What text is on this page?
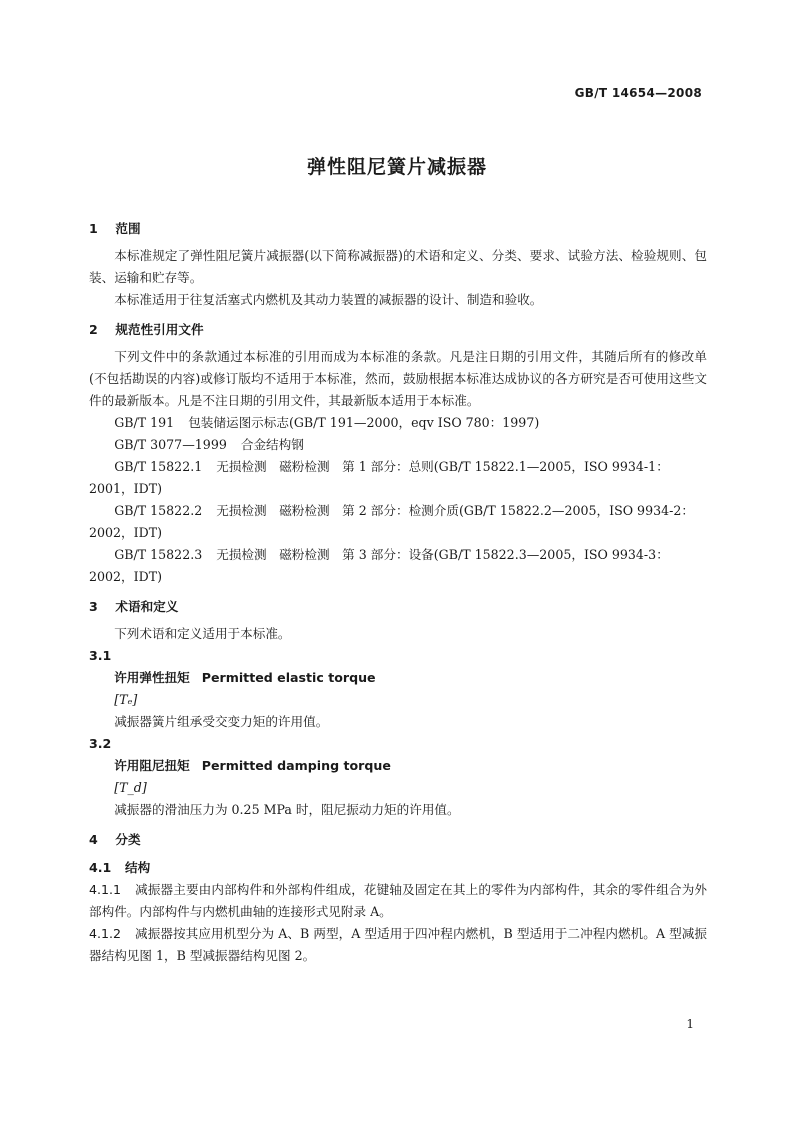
GB/T 14654—2008
弹性阻尼簧片减振器
1 范围

本标准规定了弹性阻尼簧片减振器(以下简称减振器)的术语和定义、分类、要求、试验方法、检验规则、包装、运输和贮存等。

本标准适用于往复活塞式内燃机及其动力装置的减振器的设计、制造和验收。

2 规范性引用文件

下列文件中的条款通过本标准的引用而成为本标准的条款。凡是注日期的引用文件，其随后所有的修改单(不包括勘误的内容)或修订版均不适用于本标准，然而，鼓励根据本标准达成协议的各方研究是否可使用这些文件的最新版本。凡是不注日期的引用文件，其最新版本适用于本标准。

GB/T 191 包装储运图示标志(GB/T 191—2000，eqv ISO 780：1997)

GB/T 3077—1999 合金结构钢

GB/T 15822.1 无损检测　磁粉检测　第 1 部分：总则(GB/T 15822.1—2005，ISO 9934-1：2001，IDT)

GB/T 15822.2 无损检测　磁粉检测　第 2 部分：检测介质(GB/T 15822.2—2005，ISO 9934-2：2002，IDT)

GB/T 15822.3 无损检测　磁粉检测　第 3 部分：设备(GB/T 15822.3—2005，ISO 9934-3：2002，IDT)

3 术语和定义

下列术语和定义适用于本标准。

3.1

许用弹性扭矩 Permitted elastic torque

[Tₑ]

减振器簧片组承受交变力矩的许用值。

3.2

许用阻尼扭矩 Permitted damping torque

[T_d]

减振器的滑油压力为 0.25 MPa 时，阻尼振动力矩的许用值。

4 分类

4.1 结构

4.1.1 减振器主要由内部构件和外部构件组成，花键轴及固定在其上的零件为内部构件，其余的零件组合为外部构件。内部构件与内燃机曲轴的连接形式见附录 A。

4.1.2 减振器按其应用机型分为 A、B 两型，A 型适用于四冲程内燃机，B 型适用于二冲程内燃机。A 型减振器结构见图 1，B 型减振器结构见图 2。

1
